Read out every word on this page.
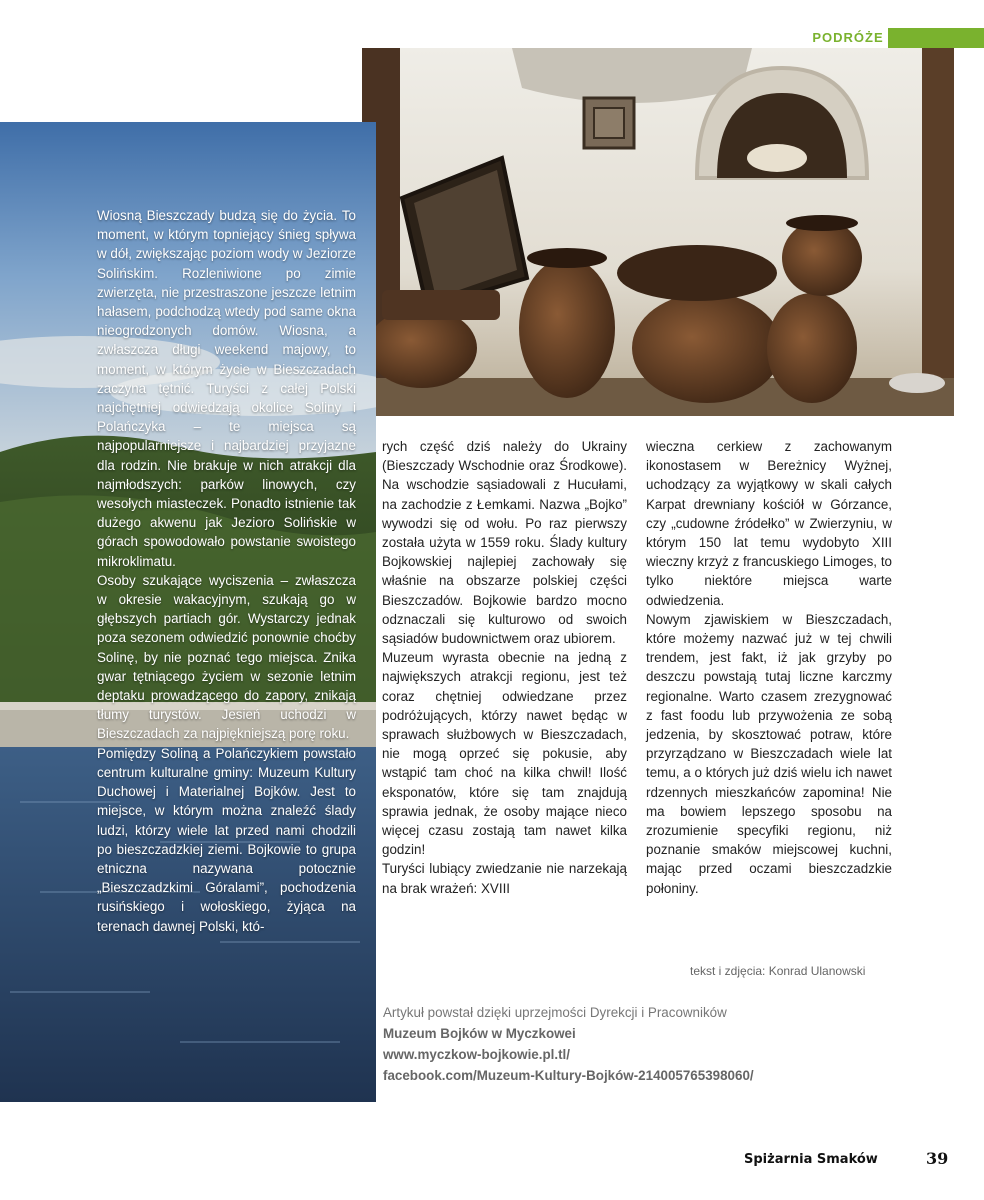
PODRÓŻE

Wiosną Bieszczady budzą się do życia. To moment, w którym topniejący śnieg spływa w dół, zwiększając poziom wody w Jeziorze Solińskim. Rozleniwione po zimie zwierzęta, nie przestraszone jeszcze letnim hałasem, podchodzą wtedy pod same okna nieogrodzonych domów. Wiosna, a zwłaszcza długi weekend majowy, to moment, w którym życie w Bieszczadach zaczyna tętnić. Turyści z całej Polski najchętniej odwiedzają okolice Soliny i Polańczyka – te miejsca są najpopularniejsze i najbardziej przyjazne dla rodzin. Nie brakuje w nich atrakcji dla najmłodszych: parków linowych, czy wesołych miasteczek. Ponadto istnienie tak dużego akwenu jak Jezioro Solińskie w górach spowodowało powstanie swoistego mikroklimatu.

Osoby szukające wyciszenia – zwłaszcza w okresie wakacyjnym, szukają go w głębszych partiach gór. Wystarczy jednak poza sezonem odwiedzić ponownie choćby Solinę, by nie poznać tego miejsca. Znika gwar tętniącego życiem w sezonie letnim deptaku prowadzącego do zapory, znikają tłumy turystów. Jesień uchodzi w Bieszczadach za najpiękniejszą porę roku.

Pomiędzy Soliną a Polańczykiem powstało centrum kulturalne gminy: Muzeum Kultury Duchowej i Materialnej Bojków. Jest to miejsce, w którym można znaleźć ślady ludzi, którzy wiele lat przed nami chodzili po bieszczadzkiej ziemi. Bojkowie to grupa etniczna nazywana potocznie „Bieszczadzkimi Góralami”, pochodzenia rusińskiego i wołoskiego, żyjąca na terenach dawnej Polski, któ-

rych część dziś należy do Ukrainy (Bieszczady Wschodnie oraz Środkowe). Na wschodzie sąsiadowali z Hucułami, na zachodzie z Łemkami. Nazwa „Bojko” wywodzi się od wołu. Po raz pierwszy została użyta w 1559 roku. Ślady kultury Bojkowskiej najlepiej zachowały się właśnie na obszarze polskiej części Bieszczadów. Bojkowie bardzo mocno odznaczali się kulturowo od swoich sąsiadów budownictwem oraz ubiorem.

Muzeum wyrasta obecnie na jedną z największych atrakcji regionu, jest też coraz chętniej odwiedzane przez podróżujących, którzy nawet będąc w sprawach służbowych w Bieszczadach, nie mogą oprzeć się pokusie, aby wstąpić tam choć na kilka chwil! Ilość eksponatów, które się tam znajdują sprawia jednak, że osoby mające nieco więcej czasu zostają tam nawet kilka godzin!

Turyści lubiący zwiedzanie nie narzekają na brak wrażeń: XVIII

wieczna cerkiew z zachowanym ikonostasem w Bereżnicy Wyżnej, uchodzący za wyjątkowy w skali całych Karpat drewniany kościół w Górzance, czy „cudowne źródełko” w Zwierzyniu, w którym 150 lat temu wydobyto XIII wieczny krzyż z francuskiego Limoges, to tylko niektóre miejsca warte odwiedzenia.

Nowym zjawiskiem w Bieszczadach, które możemy nazwać już w tej chwili trendem, jest fakt, iż jak grzyby po deszczu powstają tutaj liczne karczmy regionalne. Warto czasem zrezygnować z fast foodu lub przywożenia ze sobą jedzenia, by skosztować potraw, które przyrządzano w Bieszczadach wiele lat temu, a o których już dziś wielu ich nawet rdzennych mieszkańców zapomina! Nie ma bowiem lepszego sposobu na zrozumienie specyfiki regionu, niż poznanie smaków miejscowej kuchni, mając przed oczami bieszczadzkie połoniny.

tekst i zdjęcia: Konrad Ulanowski
Artykuł powstał dzięki uprzejmości Dyrekcji i Pracowników
Muzeum Bojków w Myczkowei
www.myczkow-bojkowie.pl.tl/
facebook.com/Muzeum-Kultury-Bojków-214005765398060/
Spiżarnia Smaków	39
